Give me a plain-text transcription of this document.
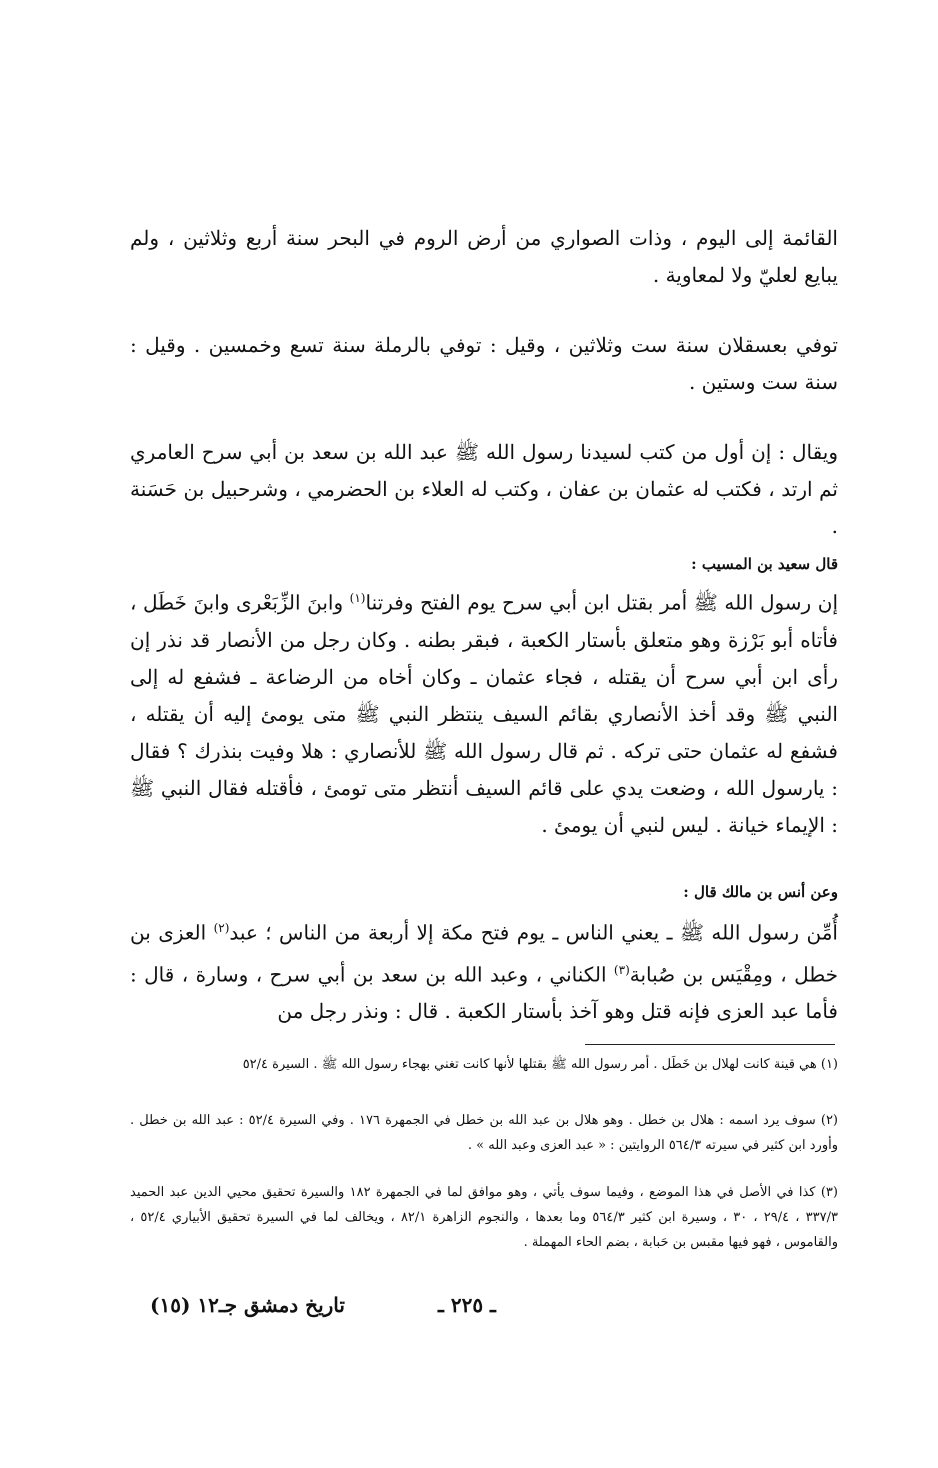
القائمة إلى اليوم ، وذات الصواري من أرض الروم في البحر سنة أربع وثلاثين ، ولم يبايع لعليّ ولا لمعاوية .

توفي بعسقلان سنة ست وثلاثين ، وقيل : توفي بالرملة سنة تسع وخمسين . وقيل : سنة ست وستين .

ويقال : إن أول من كتب لسيدنا رسول الله ﷺ عبد الله بن سعد بن أبي سرح العامري ثم ارتد ، فكتب له عثمان بن عفان ، وكتب له العلاء بن الحضرمي ، وشرحبيل بن حَسَنة .

قال سعيد بن المسيب :

إن رسول الله ﷺ أمر بقتل ابن أبي سرح يوم الفتح وفرتنا$^{(١)}$ وابنَ الزِّبَعْرى وابنَ خَطَل ، فأتاه أبو بَرْزة وهو متعلق بأستار الكعبة ، فبقر بطنه . وكان رجل من الأنصار قد نذر إن رأى ابن أبي سرح أن يقتله ، فجاء عثمان ـ وكان أخاه من الرضاعة ـ فشفع له إلى النبي ﷺ وقد أخذ الأنصاري بقائم السيف ينتظر النبي ﷺ متى يومئ إليه أن يقتله ، فشفع له عثمان حتى تركه . ثم قال رسول الله ﷺ للأنصاري : هلا وفيت بنذرك ؟ فقال : يارسول الله ، وضعت يدي على قائم السيف أنتظر متى تومئ ، فأقتله فقال النبي ﷺ : الإيماء خيانة . ليس لنبي أن يومئ .

وعن أنس بن مالك قال :

أُمِّن رسول الله ﷺ ـ يعني الناس ـ يوم فتح مكة إلا أربعة من الناس ؛ عبد$^{(٢)}$ العزى بن خطل ، ومِقْيَس بن صُبابة$^{(٣)}$ الكناني ، وعبد الله بن سعد بن أبي سرح ، وسارة ، قال : فأما عبد العزى فإنه قتل وهو آخذ بأستار الكعبة . قال : ونذر رجل من

(١) هي قينة كانت لهلال بن خَطَل . أمر رسول الله ﷺ بقتلها لأنها كانت تغني بهجاء رسول الله ﷺ . السيرة ٥٢/٤

(٢) سوف يرد اسمه : هلال بن خطل . وهو هلال بن عبد الله بن خطل في الجمهرة ١٧٦ . وفي السيرة ٥٢/٤ : عبد الله بن خطل . وأورد ابن كثير في سيرته ٥٦٤/٣ الروايتين : « عبد العزى وعبد الله » .

(٣) كذا في الأصل في هذا الموضع ، وفيما سوف يأتي ، وهو موافق لما في الجمهرة ١٨٢ والسيرة تحقيق محيي الدين عبد الحميد ٣٣٧/٣ ، ٢٩/٤ ، ٣٠ ، وسيرة ابن كثير ٥٦٤/٣ وما بعدها ، والنجوم الزاهرة ٨٢/١ ، ويخالف لما في السيرة تحقيق الأبياري ٥٢/٤ ، والقاموس ، فهو فيها مقبس بن حَبابة ، بضم الحاء المهملة .

ـ ٢٢٥ ـ
تاريخ دمشق جـ١٢ (١٥)
